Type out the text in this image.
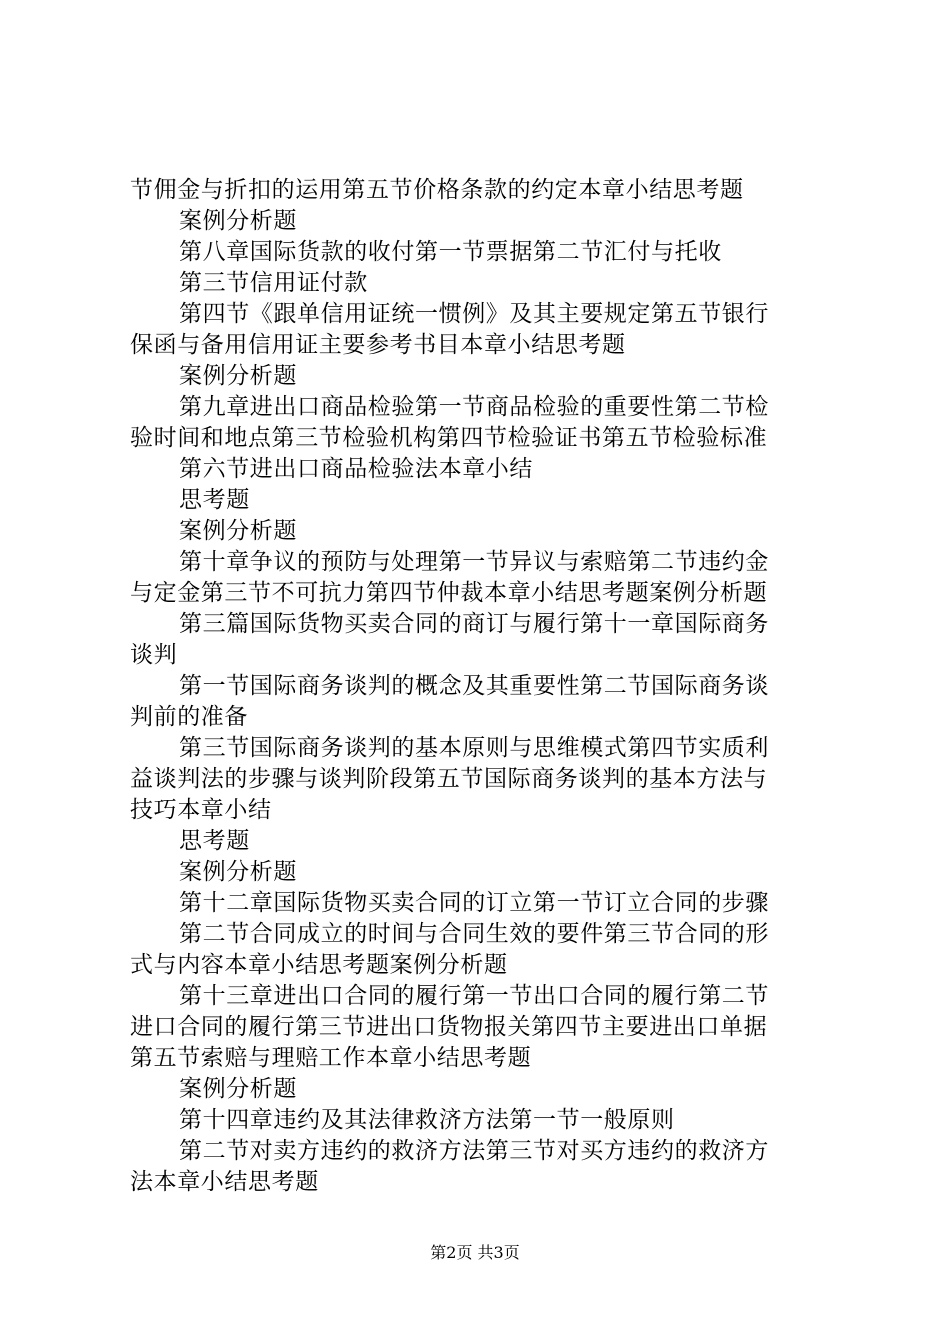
节佣金与折扣的运用第五节价格条款的约定本章小结思考题
案例分析题
第八章国际货款的收付第一节票据第二节汇付与托收
第三节信用证付款
第四节《跟单信用证统一惯例》及其主要规定第五节银行
保函与备用信用证主要参考书目本章小结思考题
案例分析题
第九章进出口商品检验第一节商品检验的重要性第二节检
验时间和地点第三节检验机构第四节检验证书第五节检验标准
第六节进出口商品检验法本章小结
思考题
案例分析题
第十章争议的预防与处理第一节异议与索赔第二节违约金
与定金第三节不可抗力第四节仲裁本章小结思考题案例分析题
第三篇国际货物买卖合同的商订与履行第十一章国际商务
谈判
第一节国际商务谈判的概念及其重要性第二节国际商务谈
判前的准备
第三节国际商务谈判的基本原则与思维模式第四节实质利
益谈判法的步骤与谈判阶段第五节国际商务谈判的基本方法与
技巧本章小结
思考题
案例分析题
第十二章国际货物买卖合同的订立第一节订立合同的步骤
第二节合同成立的时间与合同生效的要件第三节合同的形
式与内容本章小结思考题案例分析题
第十三章进出口合同的履行第一节出口合同的履行第二节
进口合同的履行第三节进出口货物报关第四节主要进出口单据
第五节索赔与理赔工作本章小结思考题
案例分析题
第十四章违约及其法律救济方法第一节一般原则
第二节对卖方违约的救济方法第三节对买方违约的救济方
法本章小结思考题
第2页 共3页
